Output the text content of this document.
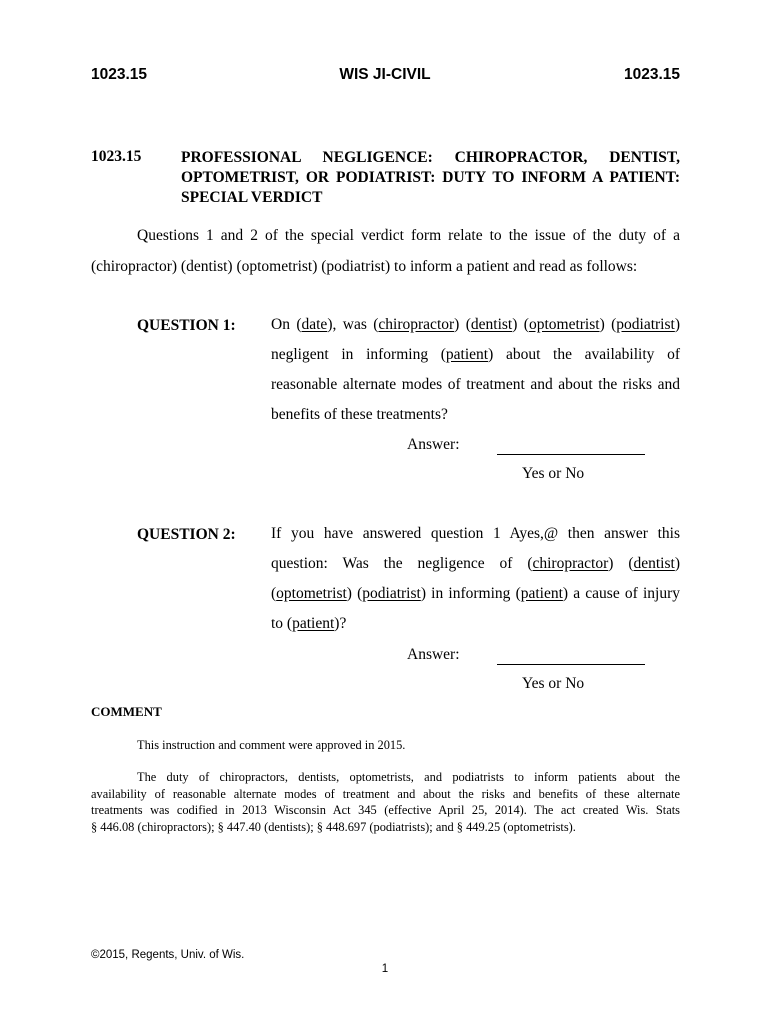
1023.15	WIS JI-CIVIL	1023.15
1023.15	PROFESSIONAL NEGLIGENCE: CHIROPRACTOR, DENTIST,
OPTOMETRIST, OR PODIATRIST: DUTY TO INFORM A PATIENT:
SPECIAL VERDICT
Questions 1 and 2 of the special verdict form relate to the issue of the duty of a
(chiropractor) (dentist) (optometrist) (podiatrist) to inform a patient and read as follows:
QUESTION 1: On (date), was (chiropractor) (dentist) (optometrist) (podiatrist)
negligent in informing (patient) about the availability of
reasonable alternate modes of treatment and about the risks and
benefits of these treatments?
Answer:
Yes or No
QUESTION 2: If you have answered question 1 Ayes,@ then answer this
question: Was the negligence of (chiropractor) (dentist)
(optometrist) (podiatrist) in informing (patient) a cause of injury
to (patient)?
Answer:
Yes or No
COMMENT
This instruction and comment were approved in 2015.
The duty of chiropractors, dentists, optometrists, and podiatrists to inform patients about the
availability of reasonable alternate modes of treatment and about the risks and benefits of these alternate
treatments was codified in 2013 Wisconsin Act 345 (effective April 25, 2014). The act created Wis. Stats
§ 446.08 (chiropractors); § 447.40 (dentists); § 448.697 (podiatrists); and § 449.25 (optometrists).
©2015, Regents, Univ. of Wis.
1
